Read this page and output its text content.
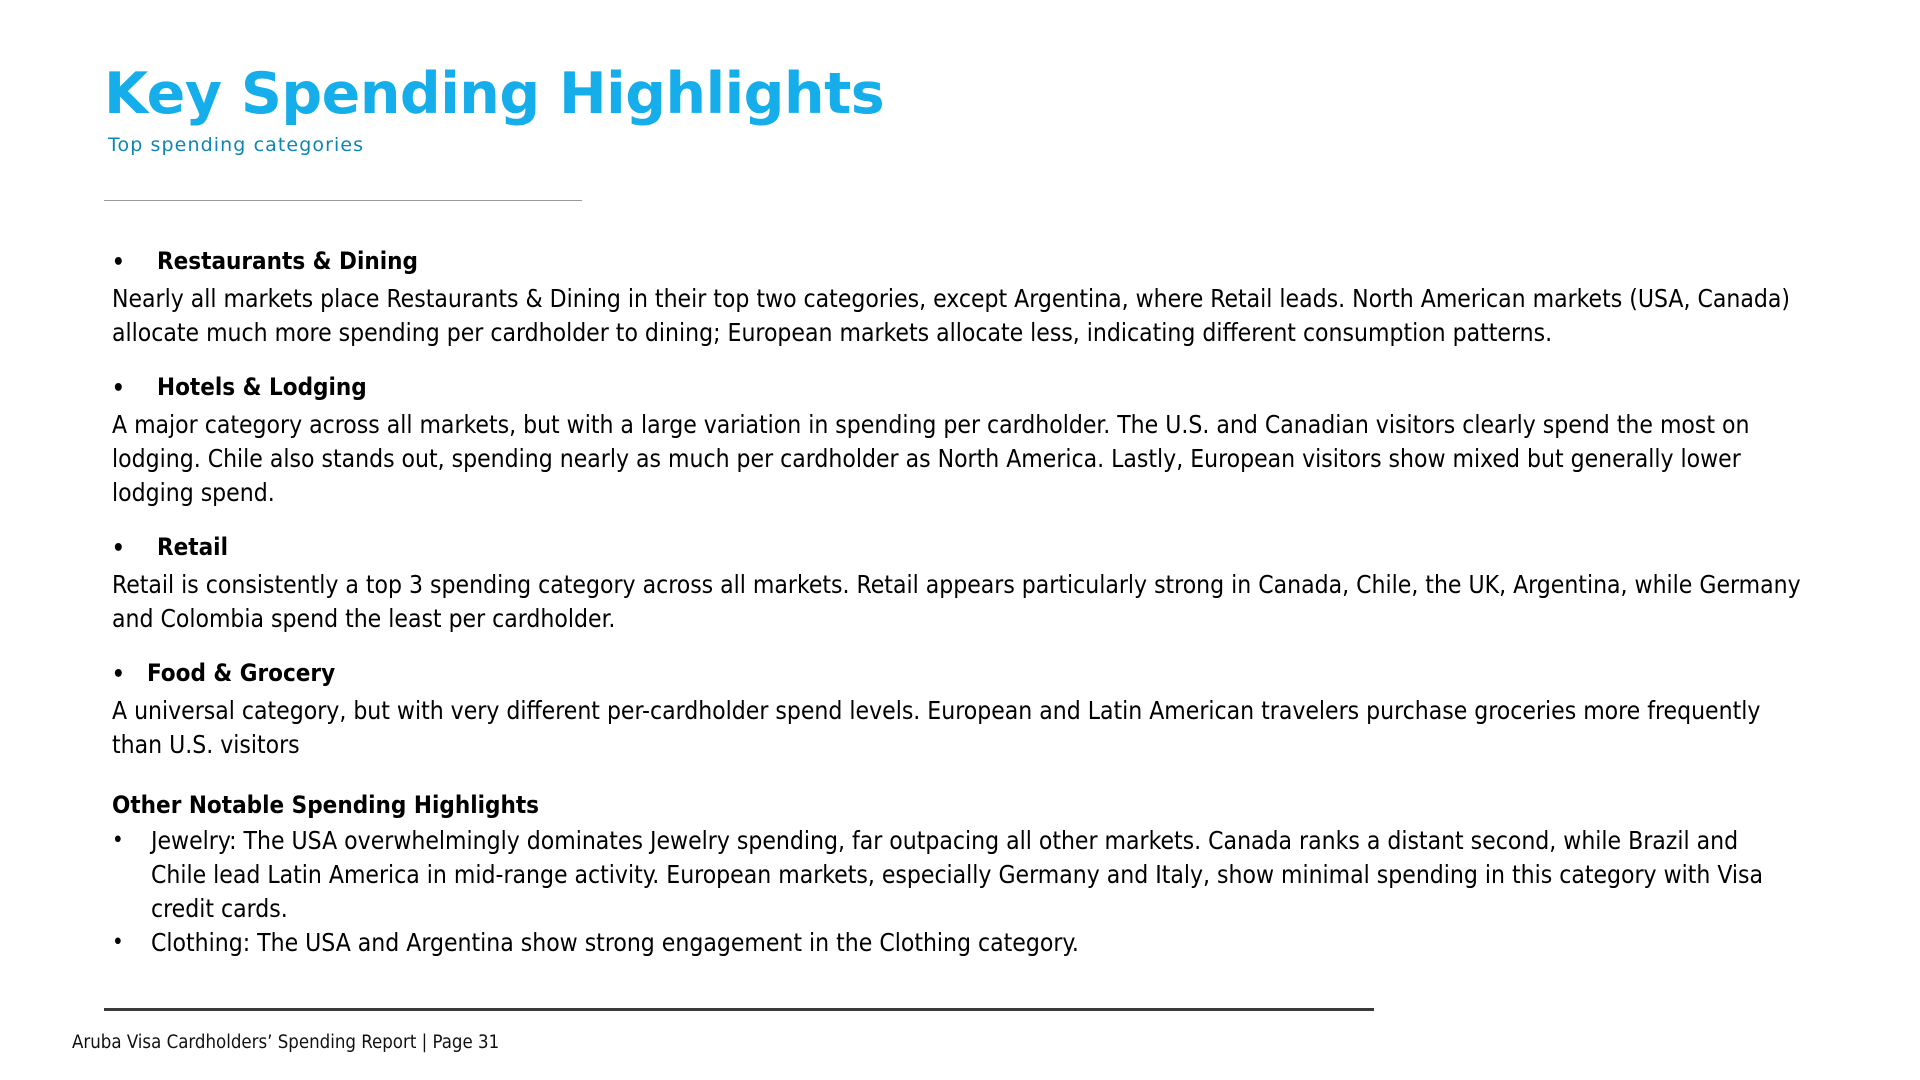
Key Spending Highlights
Top spending categories
• Restaurants & Dining

Nearly all markets place Restaurants & Dining in their top two categories, except Argentina, where Retail leads. North American markets (USA, Canada) allocate much more spending per cardholder to dining; European markets allocate less, indicating different consumption patterns.

• Hotels & Lodging

A major category across all markets, but with a large variation in spending per cardholder. The U.S. and Canadian visitors clearly spend the most on lodging. Chile also stands out, spending nearly as much per cardholder as North America. Lastly, European visitors show mixed but generally lower lodging spend.

• Retail

Retail is consistently a top 3 spending category across all markets. Retail appears particularly strong in Canada, Chile, the UK, Argentina, while Germany and Colombia spend the least per cardholder.

• Food & Grocery

A universal category, but with very different per-cardholder spend levels. European and Latin American travelers purchase groceries more frequently than U.S. visitors

Other Notable Spending Highlights
•	Jewelry: The USA overwhelmingly dominates Jewelry spending, far outpacing all other markets. Canada ranks a distant second, while Brazil and Chile lead Latin America in mid-range activity. European markets, especially Germany and Italy, show minimal spending in this category with Visa credit cards.
•	Clothing: The USA and Argentina show strong engagement in the Clothing category.
Aruba Visa Cardholders’ Spending Report | Page 31
